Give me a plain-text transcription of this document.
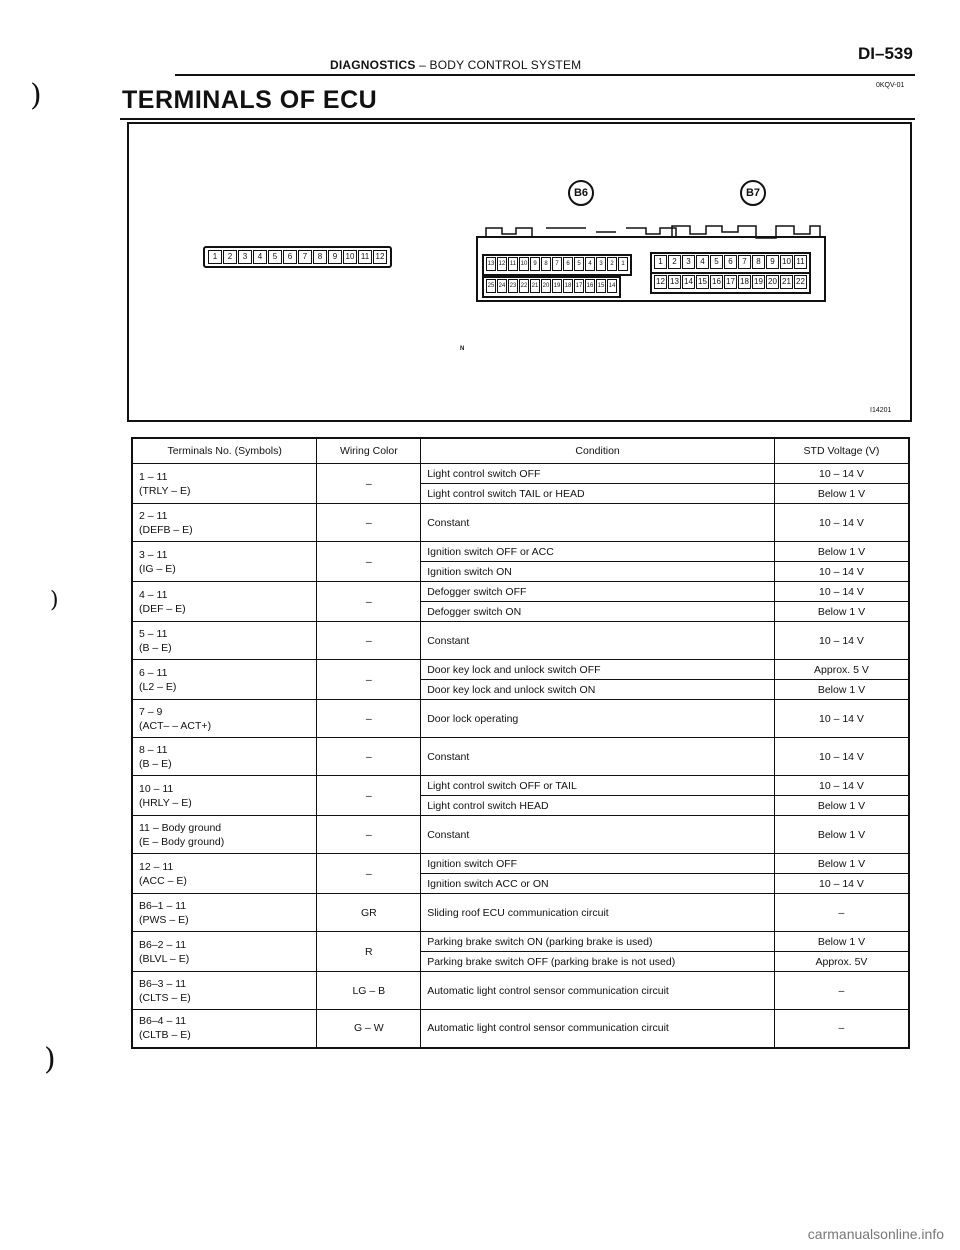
DIAGNOSTICS – BODY CONTROL SYSTEM
DI–539
0KQV-01
)
)
)
TERMINALS OF ECU
B6	B7
1	2	3	4	5	6	7	8	9	10 11 12
13 12 11 10 9	8	7	6	5	4	3	2	1
25 24 23 22 21 20 19 18 17 16 15 14
1	2	3	4	5	6	7	8	9 10 11
12 13 14 15 16 17 18 19 20 21 22
N
I14201
Terminals No. (Symbols)	Wiring Color	Condition	STD Voltage (V)

1 – 11
(TRLY – E)	–	Light control switch OFF	10 – 14 V
		Light control switch TAIL or HEAD	Below 1 V

2 – 11
(DEFB – E)	–	Constant	10 – 14 V

3 – 11
(IG – E)	–	Ignition switch OFF or ACC	Below 1 V
		Ignition switch ON	10 – 14 V

4 – 11
(DEF – E)	–	Defogger switch OFF	10 – 14 V
		Defogger switch ON	Below 1 V

5 – 11
(B – E)	–	Constant	10 – 14 V

6 – 11
(L2 – E)	–	Door key lock and unlock switch OFF	Approx. 5 V
		Door key lock and unlock switch ON	Below 1 V

7 – 9
(ACT– – ACT+)	–	Door lock operating	10 – 14 V

8 – 11
(B – E)	–	Constant	10 – 14 V

10 – 11
(HRLY – E)	–	Light control switch OFF or TAIL	10 – 14 V
		Light control switch HEAD	Below 1 V

11 – Body ground
(E – Body ground)	–	Constant	Below 1 V

12 – 11
(ACC – E)	–	Ignition switch OFF	Below 1 V
		Ignition switch ACC or ON	10 – 14 V

B6–1 – 11
(PWS – E)	GR	Sliding roof ECU communication circuit	–

B6–2 – 11
(BLVL – E)	R	Parking brake switch ON (parking brake is used)	Below 1 V
		Parking brake switch OFF (parking brake is not used)	Approx. 5V

B6–3 – 11
(CLTS – E)	LG – B	Automatic light control sensor communication circuit	–

B6–4 – 11
(CLTB – E)	G – W	Automatic light control sensor communication circuit	–
carmanualsonline.info
